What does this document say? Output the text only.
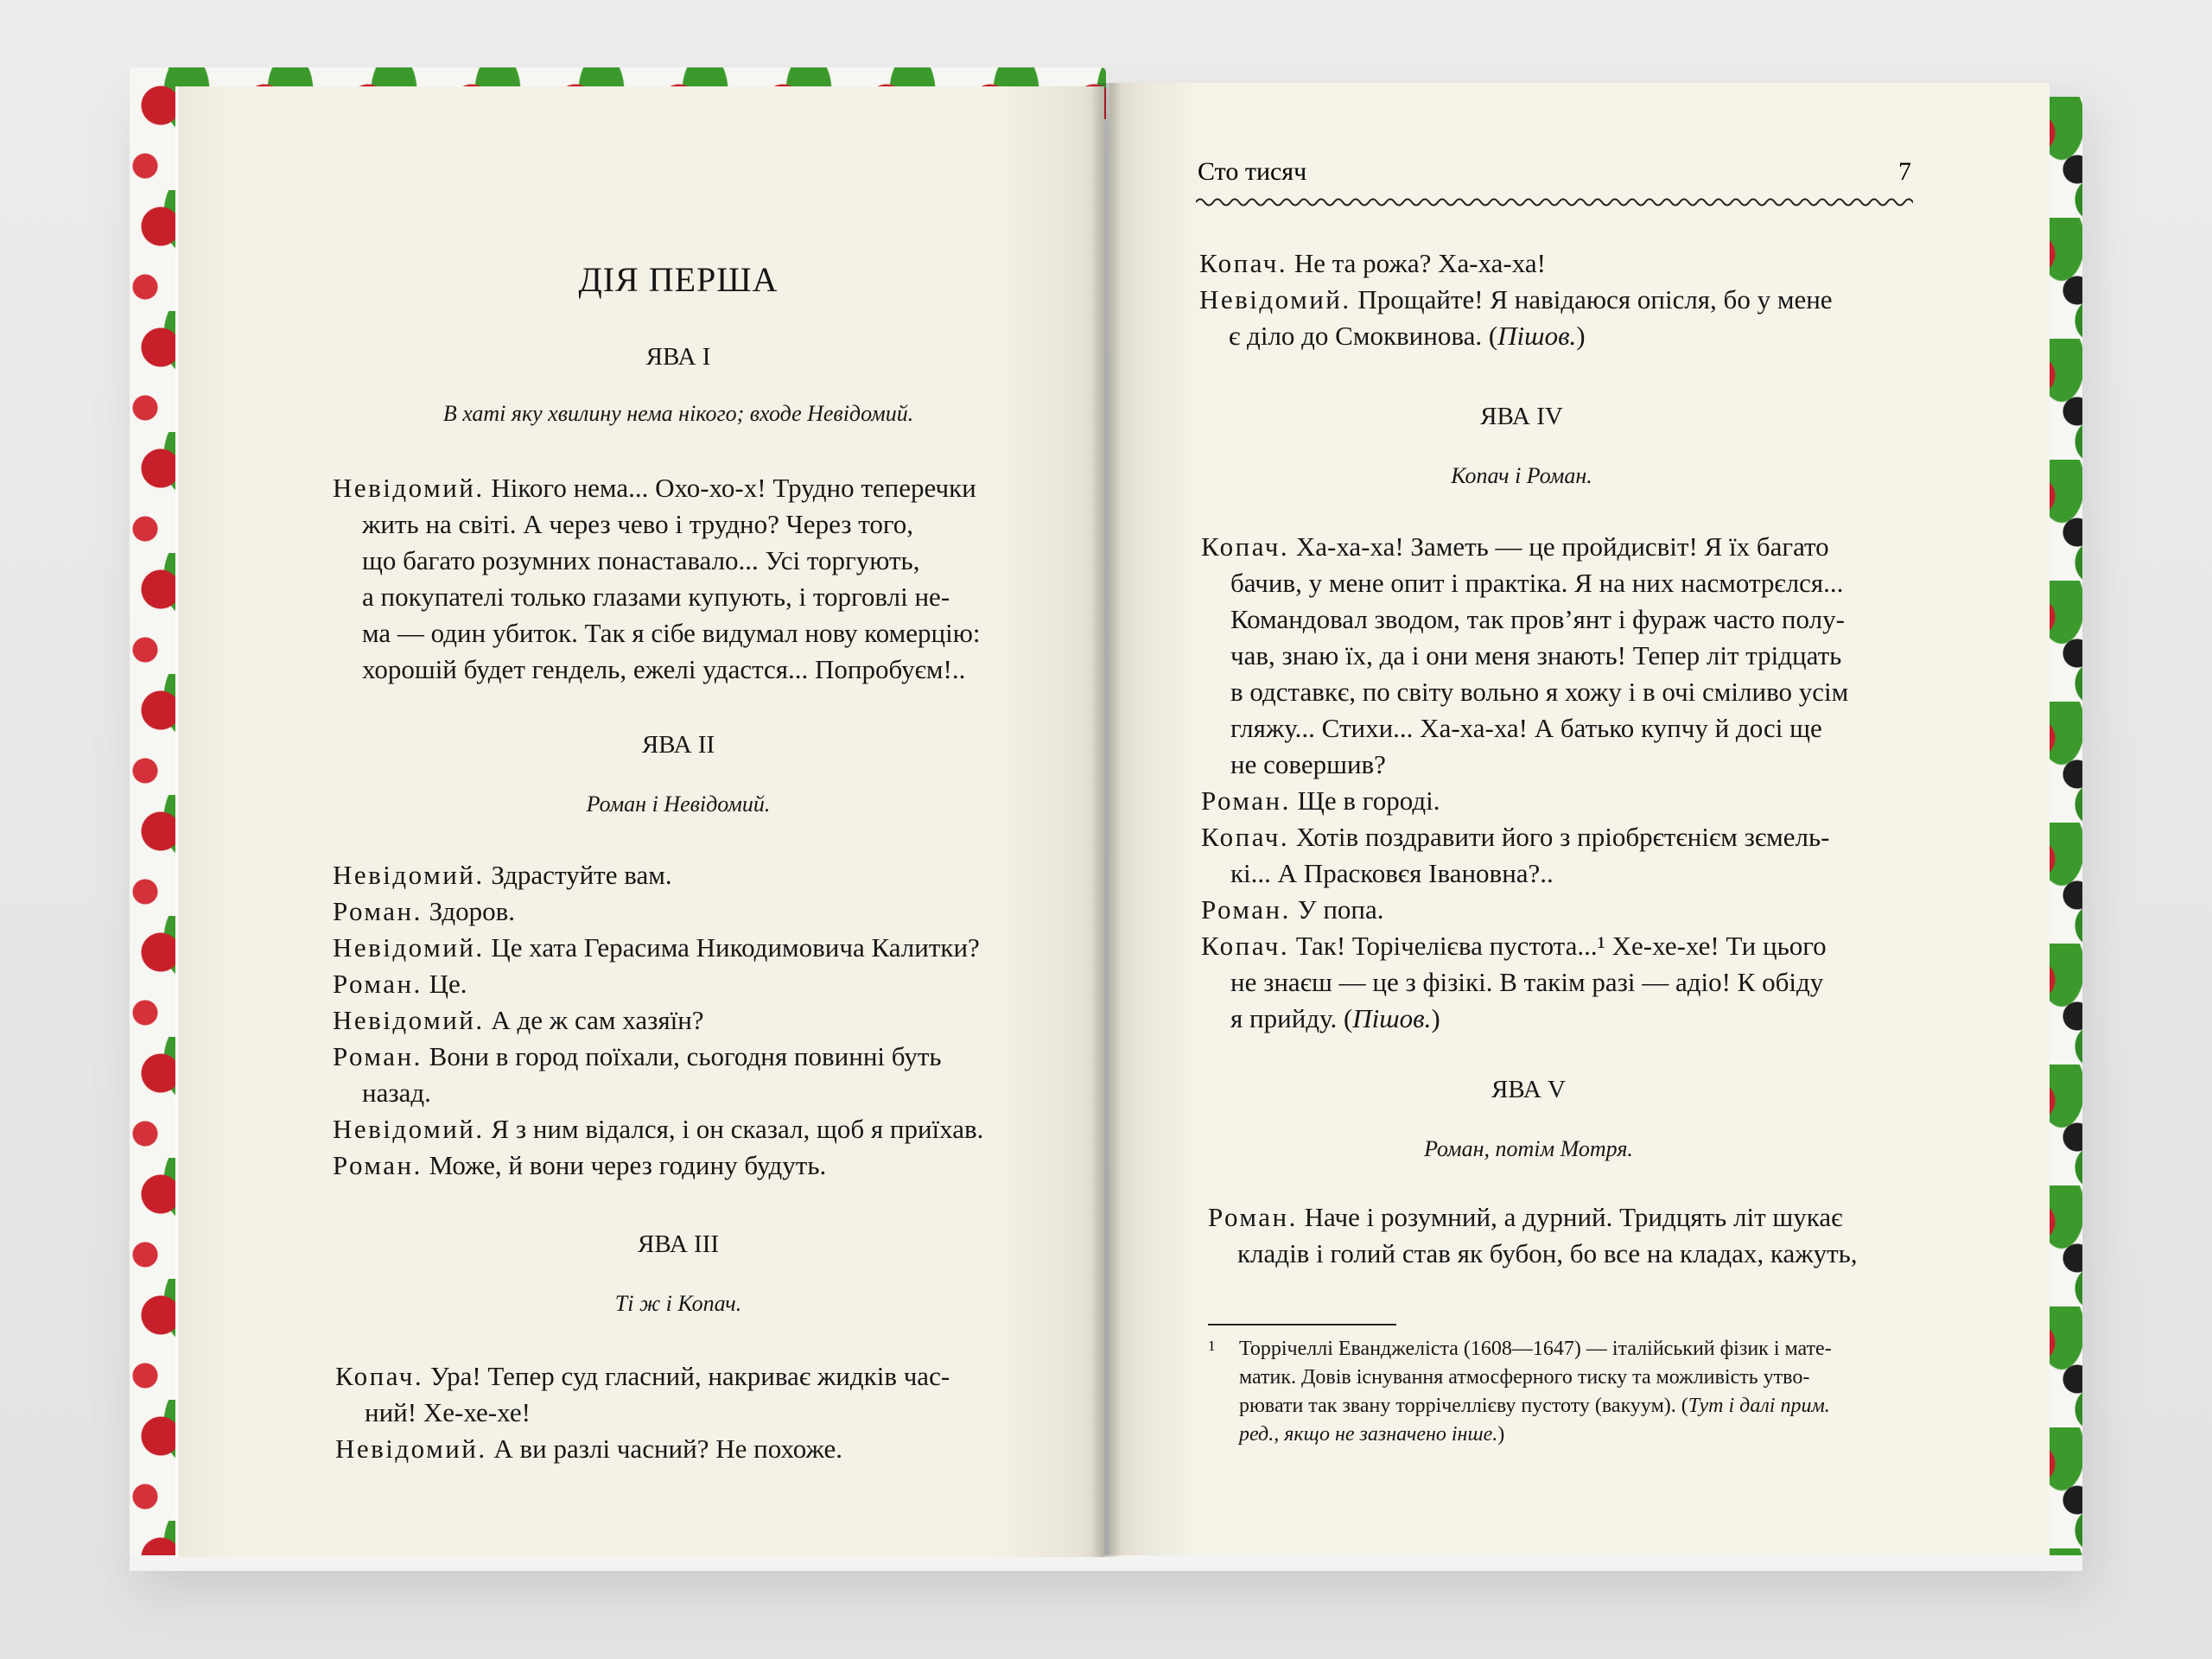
ДІЯ ПЕРША
ЯВА I
В хаті яку хвилину нема нікого; входе Невідомий.
Невідомий. Нікого нема... Охо-хо-х! Трудно теперечки
жить на світі. А через чево і трудно? Через того,
що багато розумних понаставало... Усі торгують,
а покупателі только глазами купують, і торговлі не-
ма — один убиток. Так я сібе видумал нову комерцію:
хорошій будет гендель, ежелі удастся... Попробуєм!..
ЯВА II
Роман і Невідомий.
Невідомий. Здрастуйте вам.
Роман. Здоров.
Невідомий. Це хата Герасима Никодимовича Калитки?
Роман. Це.
Невідомий. А де ж сам хазяїн?
Роман. Вони в город поїхали, сьогодня повинні буть
назад.
Невідомий. Я з ним відался, і он сказал, щоб я приїхав.
Роман. Може, й вони через годину будуть.
ЯВА III
Ті ж і Копач.
Копач. Ура! Тепер суд гласний, накриває жидків час-
ний! Хе-хе-хе!
Невідомий. А ви разлі часний? Не похоже.
Сто тисяч	7
Копач. Не та рожа? Ха-ха-ха!
Невідомий. Прощайте! Я навідаюся опісля, бо у мене
є діло до Смоквинова. (Пішов.)
ЯВА IV
Копач і Роман.
Копач. Ха-ха-ха! Заметь — це пройдисвіт! Я їх багато
бачив, у мене опит і практіка. Я на них насмотрєлся...
Командовал зводом, так пров’янт і фураж часто полу-
чав, знаю їх, да і они меня знають! Тепер літ трідцать
в одставкє, по світу вольно я хожу і в очі сміливо усім
гляжу... Стихи... Ха-ха-ха! А батько купчу й досі ще
не совершив?
Роман. Ще в городі.
Копач. Хотів поздравити його з пріобрєтєнієм зємель-
кі... А Прасковєя Івановна?..
Роман. У попа.
Копач. Так! Торічелієва пустота...¹ Хе-хе-хе! Ти цього
не знаєш — це з фізікі. В такім разі — адіо! К обіду
я прийду. (Пішов.)
ЯВА V
Роман, потім Мотря.
Роман. Наче і розумний, а дурний. Тридцять літ шукає
кладів і голий став як бубон, бо все на кладах, кажуть,
1 Торрічеллі Еванджеліста (1608—1647) — італійський фізик і мате-
матик. Довів існування атмосферного тиску та можливість утво-
рювати так звану торрічеллієву пустоту (вакуум). (Тут і далі прим.
ред., якщо не зазначено інше.)
